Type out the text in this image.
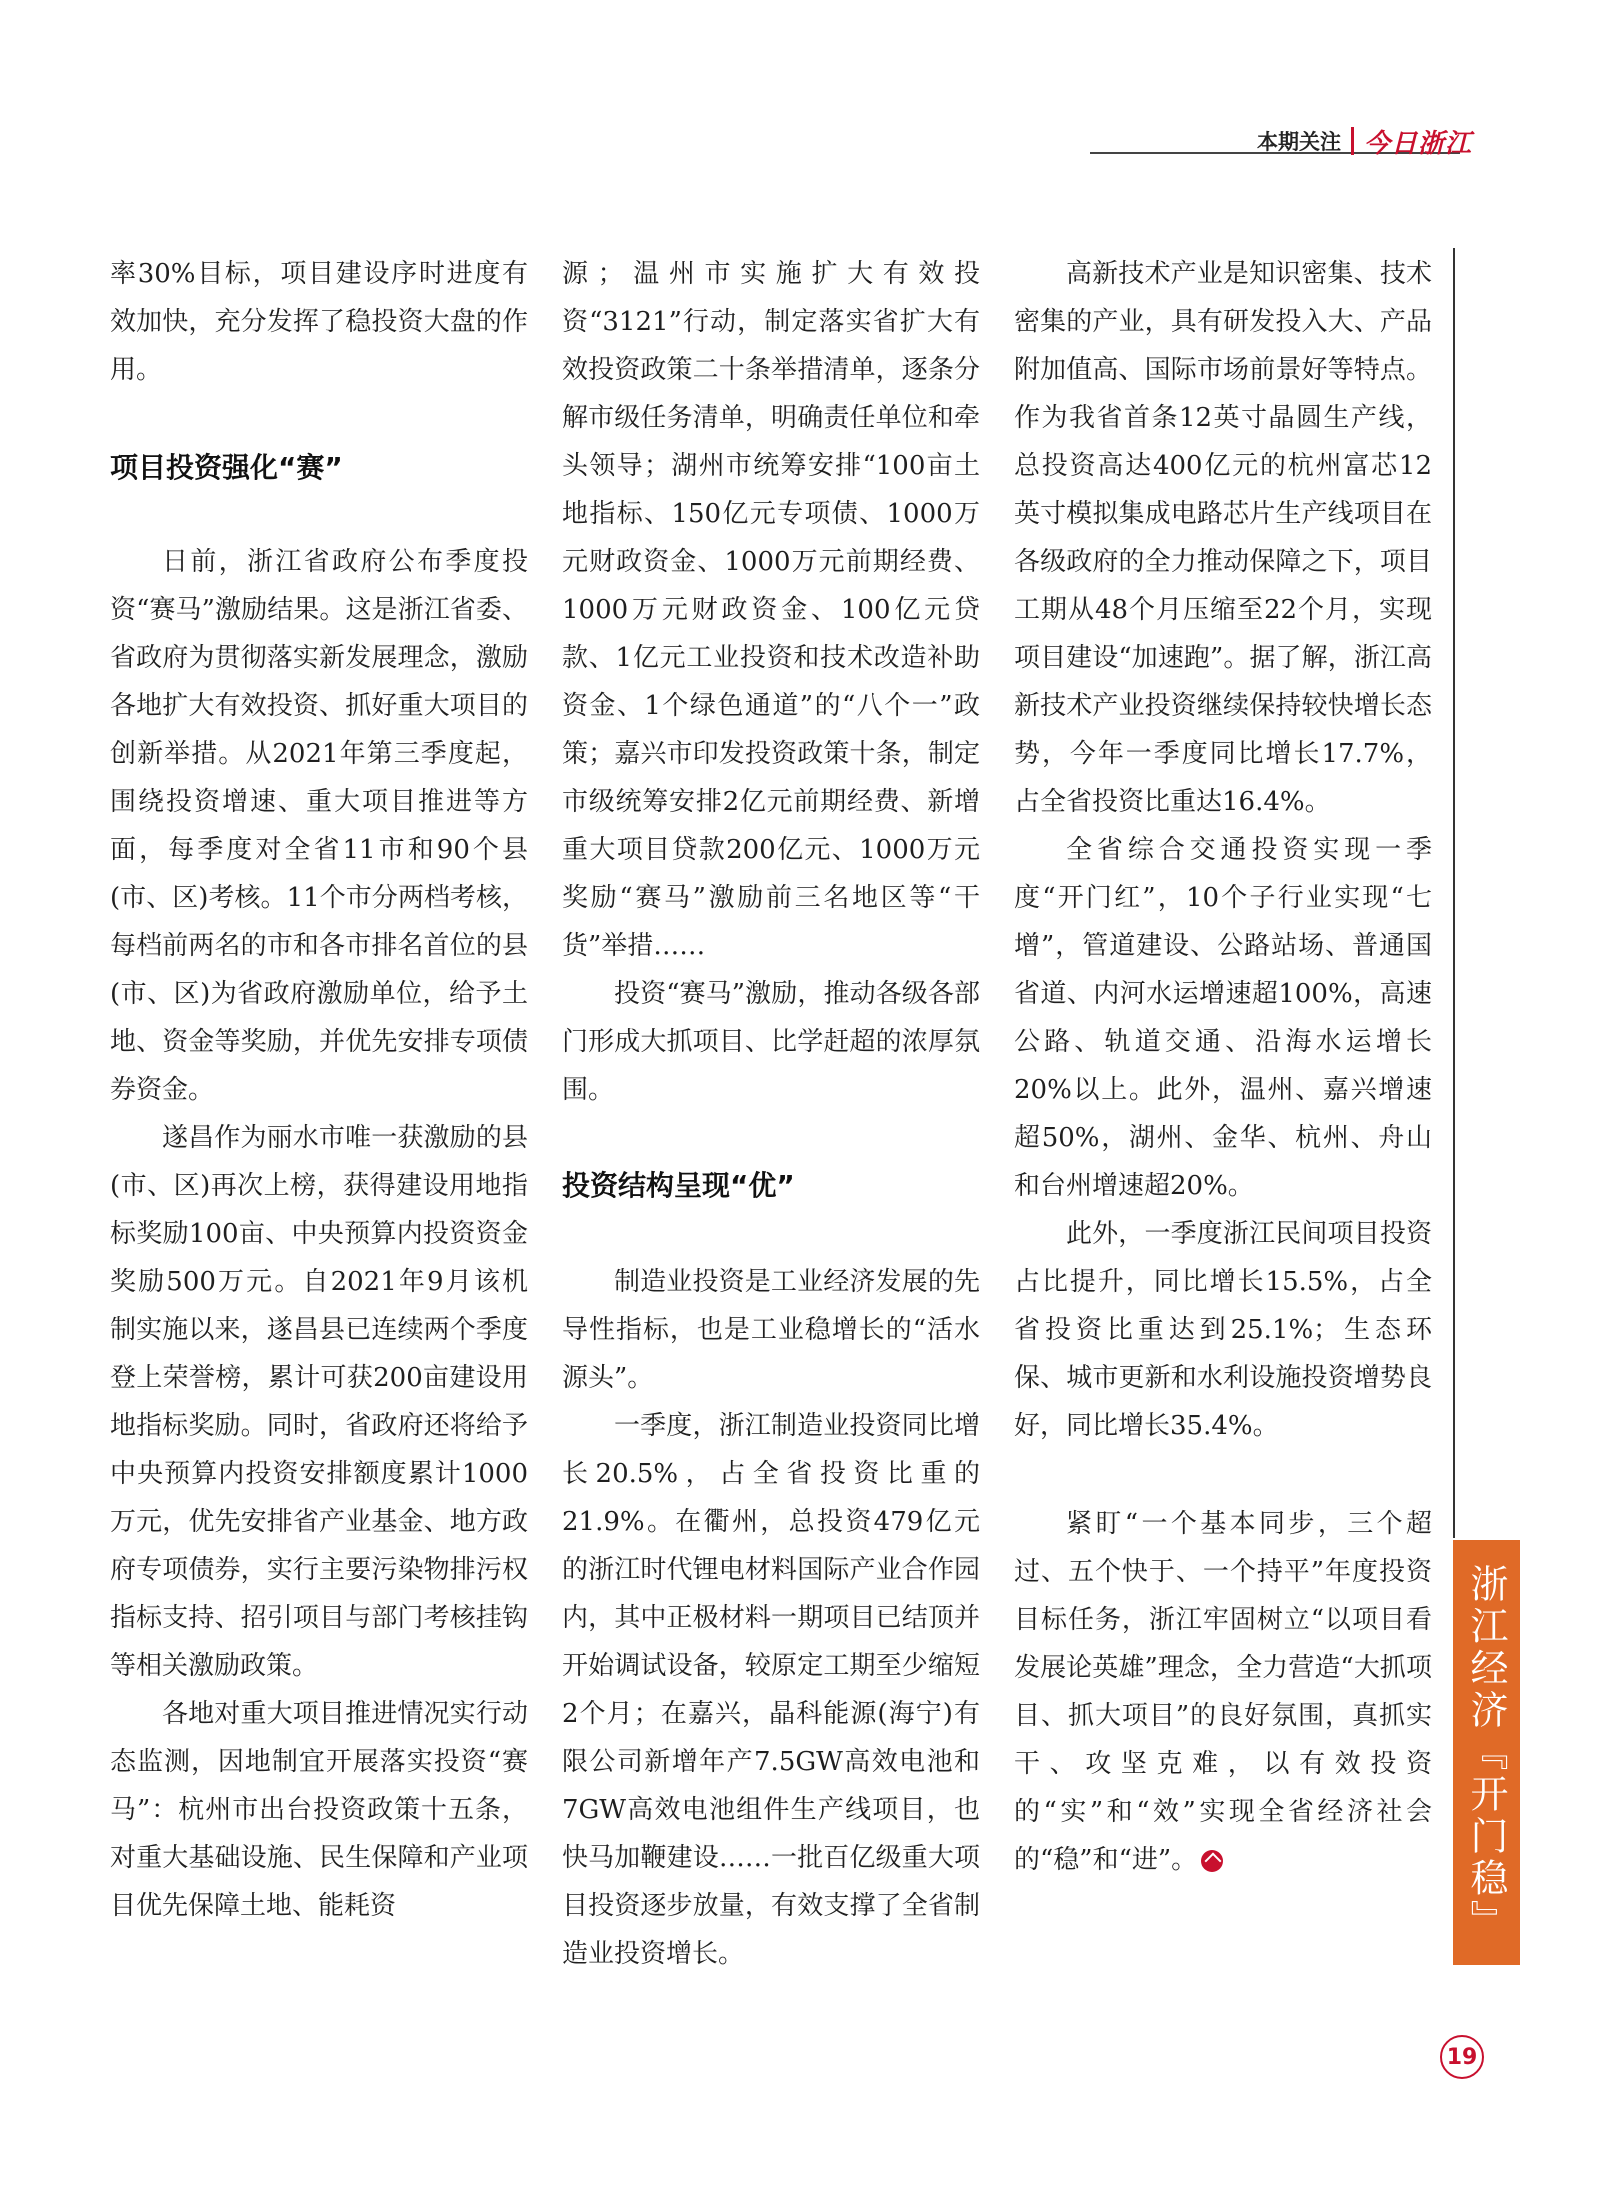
本期关注 今日浙江

率30%目标，项目建设序时进度有效加快，充分发挥了稳投资大盘的作用。

项目投资强化“赛”

日前，浙江省政府公布季度投资“赛马”激励结果。这是浙江省委、省政府为贯彻落实新发展理念，激励各地扩大有效投资、抓好重大项目的创新举措。从2021年第三季度起，围绕投资增速、重大项目推进等方面，每季度对全省11市和90个县(市、区)考核。11个市分两档考核，每档前两名的市和各市排名首位的县(市、区)为省政府激励单位，给予土地、资金等奖励，并优先安排专项债券资金。

遂昌作为丽水市唯一获激励的县(市、区)再次上榜，获得建设用地指标奖励100亩、中央预算内投资资金奖励500万元。自2021年9月该机制实施以来，遂昌县已连续两个季度登上荣誉榜，累计可获200亩建设用地指标奖励。同时，省政府还将给予中央预算内投资安排额度累计1000万元，优先安排省产业基金、地方政府专项债券，实行主要污染物排污权指标支持、招引项目与部门考核挂钩等相关激励政策。

各地对重大项目推进情况实行动态监测，因地制宜开展落实投资“赛马”：杭州市出台投资政策十五条，对重大基础设施、民生保障和产业项目优先保障土地、能耗资

源；温州市实施扩大有效投资“3121”行动，制定落实省扩大有效投资政策二十条举措清单，逐条分解市级任务清单，明确责任单位和牵头领导；湖州市统筹安排“100亩土地指标、150亿元专项债、1000万元财政资金、1000万元前期经费、1000万元财政资金、100亿元贷款、1亿元工业投资和技术改造补助资金、1个绿色通道”的“八个一”政策；嘉兴市印发投资政策十条，制定市级统筹安排2亿元前期经费、新增重大项目贷款200亿元、1000万元奖励“赛马”激励前三名地区等“干货”举措……

投资“赛马”激励，推动各级各部门形成大抓项目、比学赶超的浓厚氛围。

投资结构呈现“优”

制造业投资是工业经济发展的先导性指标，也是工业稳增长的“活水源头”。

一季度，浙江制造业投资同比增长20.5%，占全省投资比重的21.9%。在衢州，总投资479亿元的浙江时代锂电材料国际产业合作园内，其中正极材料一期项目已结顶并开始调试设备，较原定工期至少缩短2个月；在嘉兴，晶科能源(海宁)有限公司新增年产7.5GW高效电池和7GW高效电池组件生产线项目，也快马加鞭建设……一批百亿级重大项目投资逐步放量，有效支撑了全省制造业投资增长。

高新技术产业是知识密集、技术密集的产业，具有研发投入大、产品附加值高、国际市场前景好等特点。作为我省首条12英寸晶圆生产线，总投资高达400亿元的杭州富芯12英寸模拟集成电路芯片生产线项目在各级政府的全力推动保障之下，项目工期从48个月压缩至22个月，实现项目建设“加速跑”。据了解，浙江高新技术产业投资继续保持较快增长态势，今年一季度同比增长17.7%，占全省投资比重达16.4%。

全省综合交通投资实现一季度“开门红”，10个子行业实现“七增”，管道建设、公路站场、普通国省道、内河水运增速超100%，高速公路、轨道交通、沿海水运增长20%以上。此外，温州、嘉兴增速超50%，湖州、金华、杭州、舟山和台州增速超20%。

此外，一季度浙江民间项目投资占比提升，同比增长15.5%，占全省投资比重达到25.1%；生态环保、城市更新和水利设施投资增势良好，同比增长35.4%。

紧盯“一个基本同步，三个超过、五个快于、一个持平”年度投资目标任务，浙江牢固树立“以项目看发展论英雄”理念，全力营造“大抓项目、抓大项目”的良好氛围，真抓实干、攻坚克难，以有效投资的“实”和“效”实现全省经济社会的“稳”和“进”。	浙江经济『开门稳』
19
